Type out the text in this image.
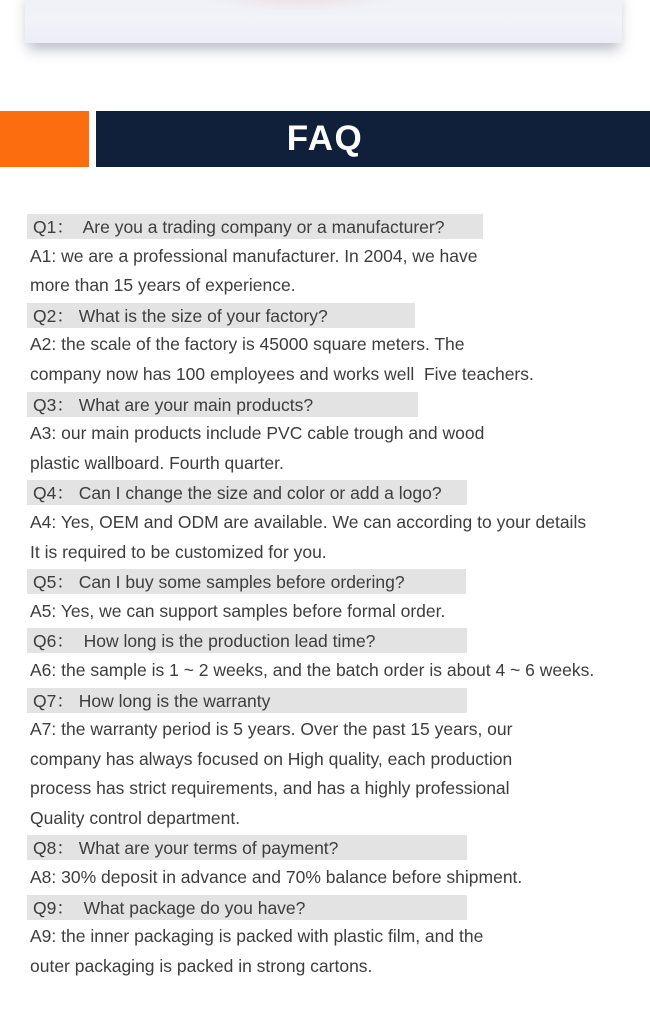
FAQ
Q1：  Are you a trading company or a manufacturer?
A1: we are a professional manufacturer. In 2004, we have
more than 15 years of experience.
Q2： What is the size of your factory?
A2: the scale of the factory is 45000 square meters. The
company now has 100 employees and works well  Five teachers.
Q3： What are your main products?
A3: our main products include PVC cable trough and wood
plastic wallboard. Fourth quarter.
Q4： Can I change the size and color or add a logo?
A4: Yes, OEM and ODM are available. We can according to your details
It is required to be customized for you.
Q5： Can I buy some samples before ordering?
A5: Yes, we can support samples before formal order.
Q6：  How long is the production lead time?
A6: the sample is 1 ~ 2 weeks, and the batch order is about 4 ~ 6 weeks.
Q7： How long is the warranty
A7: the warranty period is 5 years. Over the past 15 years, our
company has always focused on High quality, each production
process has strict requirements, and has a highly professional
Quality control department.
Q8： What are your terms of payment?
A8: 30% deposit in advance and 70% balance before shipment.
Q9：  What package do you have?
A9: the inner packaging is packed with plastic film, and the
outer packaging is packed in strong cartons.
